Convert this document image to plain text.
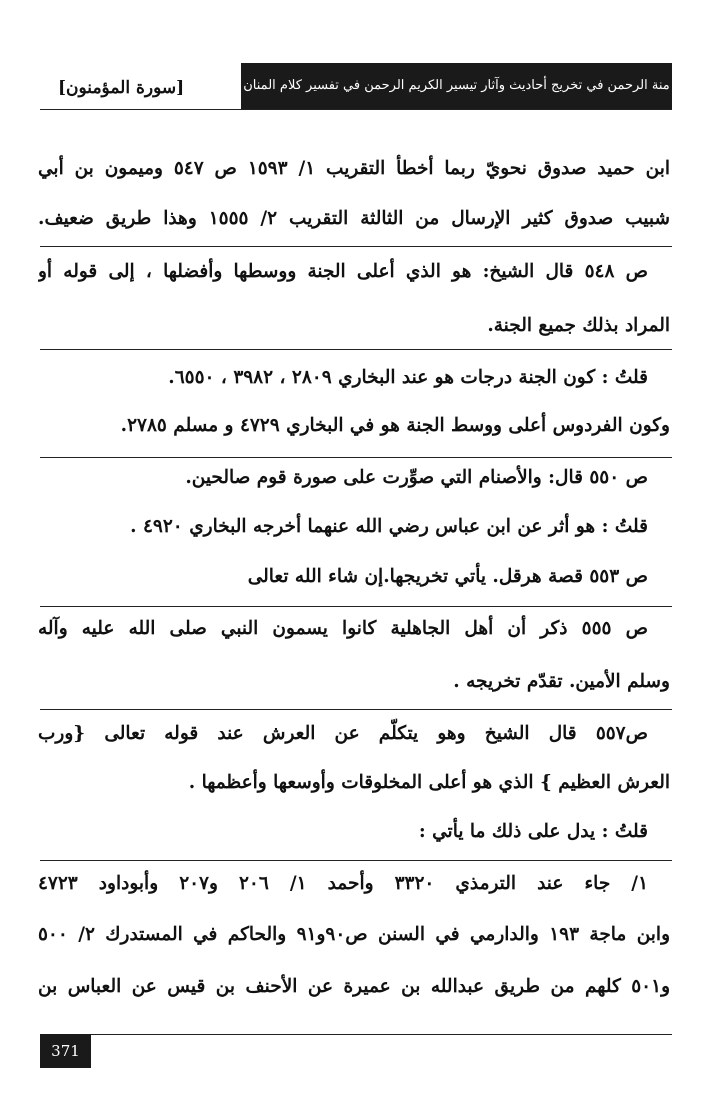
منة الرحمن في تخريج أحاديث وآثار تيسير الكريم الرحمن في تفسير كلام المنان
[سورة المؤمنون]
ابن حميد صدوق نحويّ ربما أخطأ التقريب ١/ ١٥٩٣ ص ٥٤٧ وميمون بن أبي
شبيب صدوق كثير الإرسال من الثالثة التقريب ٢/ ١٥٥٥ وهذا طريق ضعيف.
ص ٥٤٨ قال الشيخ: هو الذي أعلى الجنة ووسطها وأفضلها ، إلى قوله أو
المراد بذلك جميع الجنة.
قلتُ : كون الجنة درجات هو عند البخاري ٢٨٠٩ ، ٣٩٨٢ ، ٦٥٥٠.
وكون الفردوس أعلى ووسط الجنة هو في البخاري ٤٧٢٩ و مسلم ٢٧٨٥.
ص ٥٥٠ قال: والأصنام التي صوِّرت على صورة قوم صالحين.
قلتُ : هو أثر عن ابن عباس رضي الله عنهما أخرجه البخاري ٤٩٢٠ .
ص ٥٥٣ قصة هرقل. يأتي تخريجها.إن شاء الله تعالى
ص ٥٥٥ ذكر أن أهل الجاهلية كانوا يسمون النبي صلى الله عليه وآله
وسلم الأمين. تقدّم تخريجه .
ص٥٥٧ قال الشيخ وهو يتكلّم عن العرش عند قوله تعالى {ورب
العرش العظيم } الذي هو أعلى المخلوقات وأوسعها وأعظمها .
قلتُ : يدل على ذلك ما يأتي :
١/ جاء عند الترمذي ٣٣٢٠ وأحمد ١/ ٢٠٦ و٢٠٧ وأبوداود ٤٧٢٣
وابن ماجة ١٩٣ والدارمي في السنن ص٩٠و٩١ والحاكم في المستدرك ٢/ ٥٠٠
و٥٠١ كلهم من طريق عبدالله بن عميرة عن الأحنف بن قيس عن العباس بن
371
